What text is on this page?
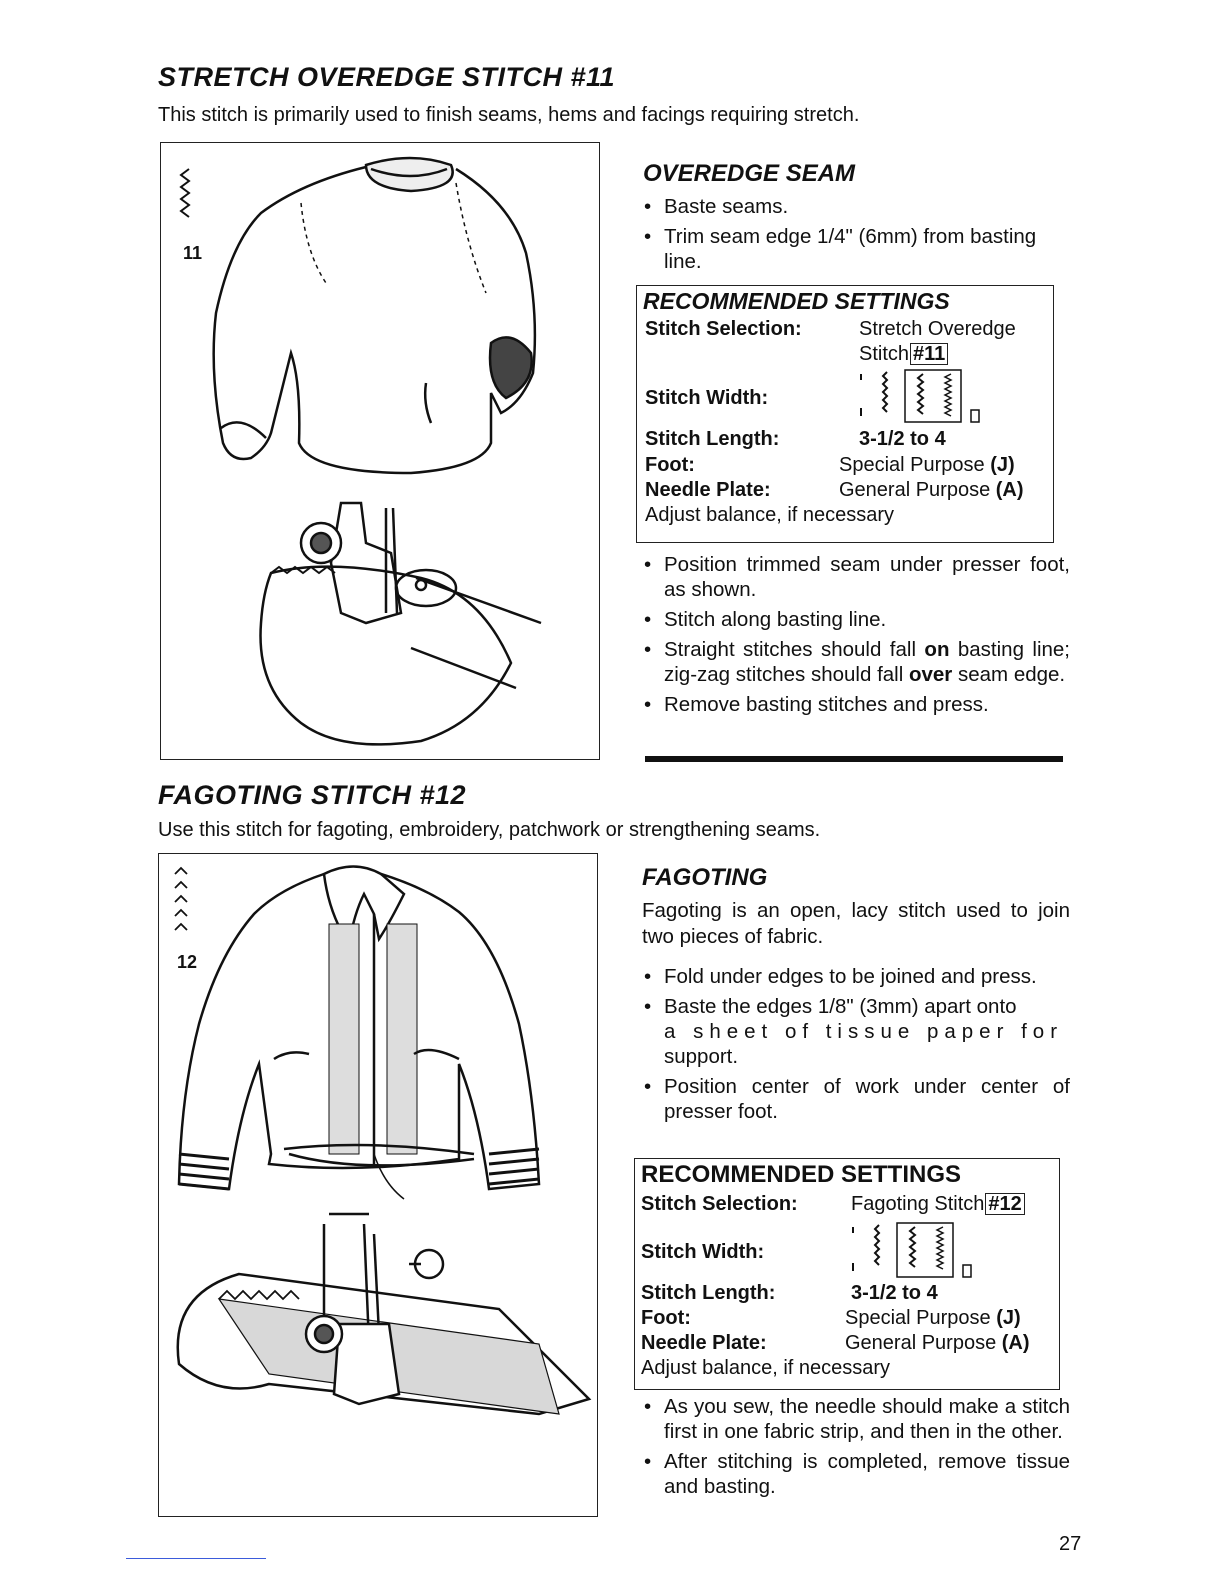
STRETCH OVEREDGE STITCH #11
This stitch is primarily used to finish seams, hems and facings requiring stretch.
11
OVEREDGE SEAM
• Baste seams.
• Trim seam edge 1/4" (6mm) from basting line.
RECOMMENDED SETTINGS
Stitch Selection:	Stretch Overedge
Stitch #11
Stitch Width:
Stitch Length:	3-1/2 to 4
Foot:	Special Purpose (J)
Needle Plate:	General Purpose (A)
Adjust balance, if necessary
• Position trimmed seam under presser foot, as shown.
• Stitch along basting line.
• Straight stitches should fall on basting line; zig-zag stitches should fall over seam edge.
• Remove basting stitches and press.
FAGOTING STITCH #12
Use this stitch for fagoting, embroidery, patchwork or strengthening seams.
12
FAGOTING
Fagoting is an open, lacy stitch used to join two pieces of fabric.
• Fold under edges to be joined and press.
• Baste the edges 1/8" (3mm) apart onto
a sheet of tissue paper for
support.
• Position center of work under center of presser foot.
RECOMMENDED SETTINGS
Stitch Selection:	Fagoting Stitch #12
Stitch Width:
Stitch Length:	3-1/2 to 4
Foot:	Special Purpose (J)
Needle Plate:	General Purpose (A)
Adjust balance, if necessary
• As you sew, the needle should make a stitch first in one fabric strip, and then in the other.
• After stitching is completed, remove tissue and basting.
27
